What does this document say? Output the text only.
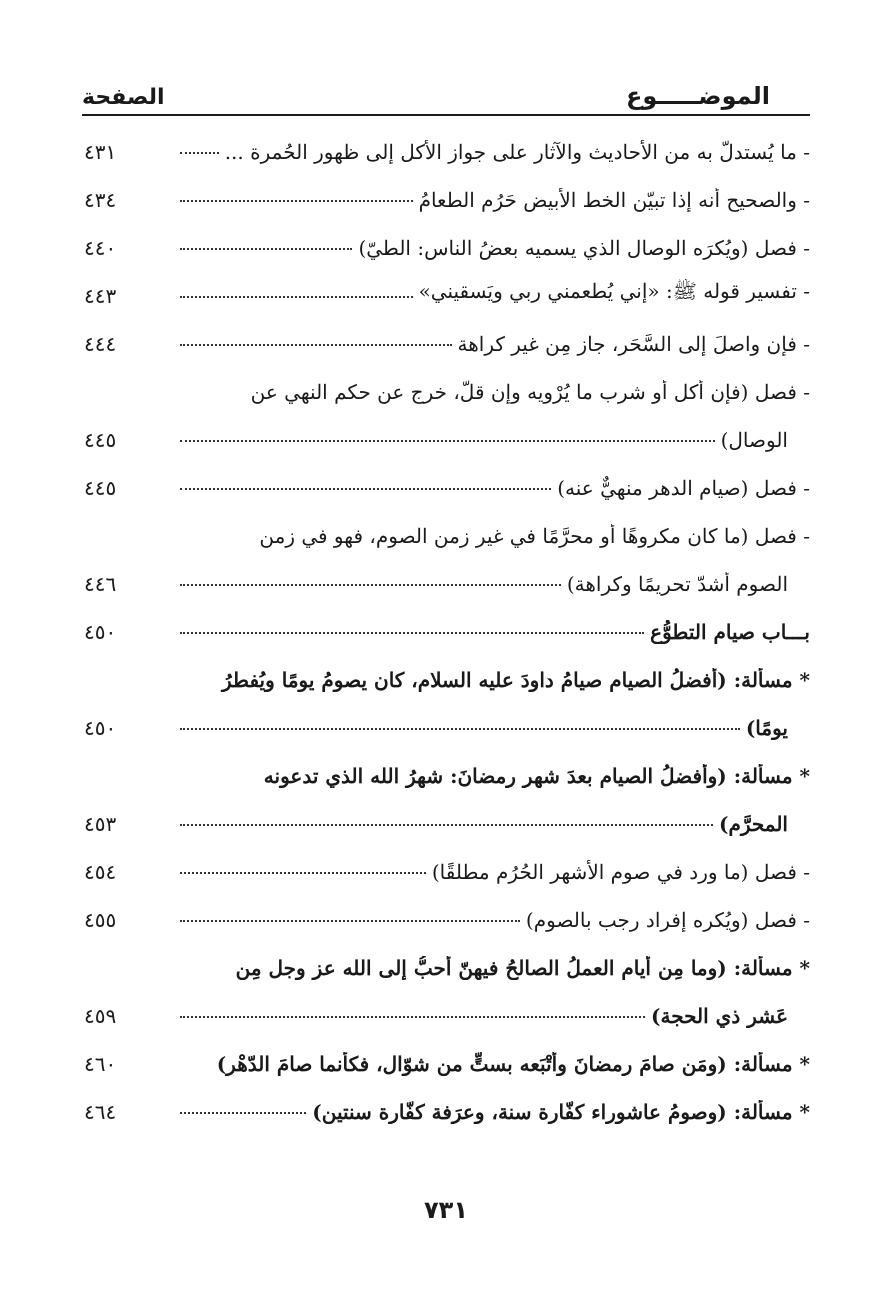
الموضـــــوع
الصفحة
- ما يُستدلّ به من الأحاديث والآثار على جواز الأكل إلى ظهور الحُمرة ...
٤٣١
- والصحيح أنه إذا تبيّن الخط الأبيض حَرُم الطعامُ
٤٣٤
- فصل (ويُكرَه الوصال الذي يسميه بعضُ الناس: الطيّ)
٤٤٠
- تفسير قوله ﷺ: «إني يُطعمني ربي ويَسقيني»
٤٤٣
- فإن واصلَ إلى السَّحَر، جاز مِن غير كراهة
٤٤٤
- فصل (فإن أكل أو شرب ما يُرْويه وإن قلّ، خرج عن حكم النهي عن
الوصال)
٤٤٥
- فصل (صيام الدهر منهيٌّ عنه)
٤٤٥
- فصل (ما كان مكروهًا أو محرَّمًا في غير زمن الصوم، فهو في زمن
الصوم أشدّ تحريمًا وكراهة)
٤٤٦
بـــاب صيام التطوُّع
٤٥٠
* مسألة: (أفضلُ الصيامِ صيامُ داودَ عليه السلام، كان يصومُ يومًا ويُفطرُ
يومًا)
٤٥٠
* مسألة: (وأفضلُ الصيامِ بعدَ شهرِ رمضانَ: شهرُ الله الذي تدعونه
المحرَّم)
٤٥٣
- فصل (ما ورد في صوم الأشهر الحُرُم مطلقًا)
٤٥٤
- فصل (ويُكره إفراد رجب بالصوم)
٤٥٥
* مسألة: (وما مِن أيامٍ العملُ الصالحُ فيهنّ أحبُّ إلى الله عز وجل مِن
عَشر ذي الحجة)
٤٥٩
* مسألة: (ومَن صامَ رمضانَ وأتْبَعه بستٍّ من شوّال، فكأنما صامَ الدّهْر)
٤٦٠
* مسألة: (وصومُ عاشوراء كفّارة سنة، وعرَفة كفّارة سنتين)
٤٦٤
٧٣١
